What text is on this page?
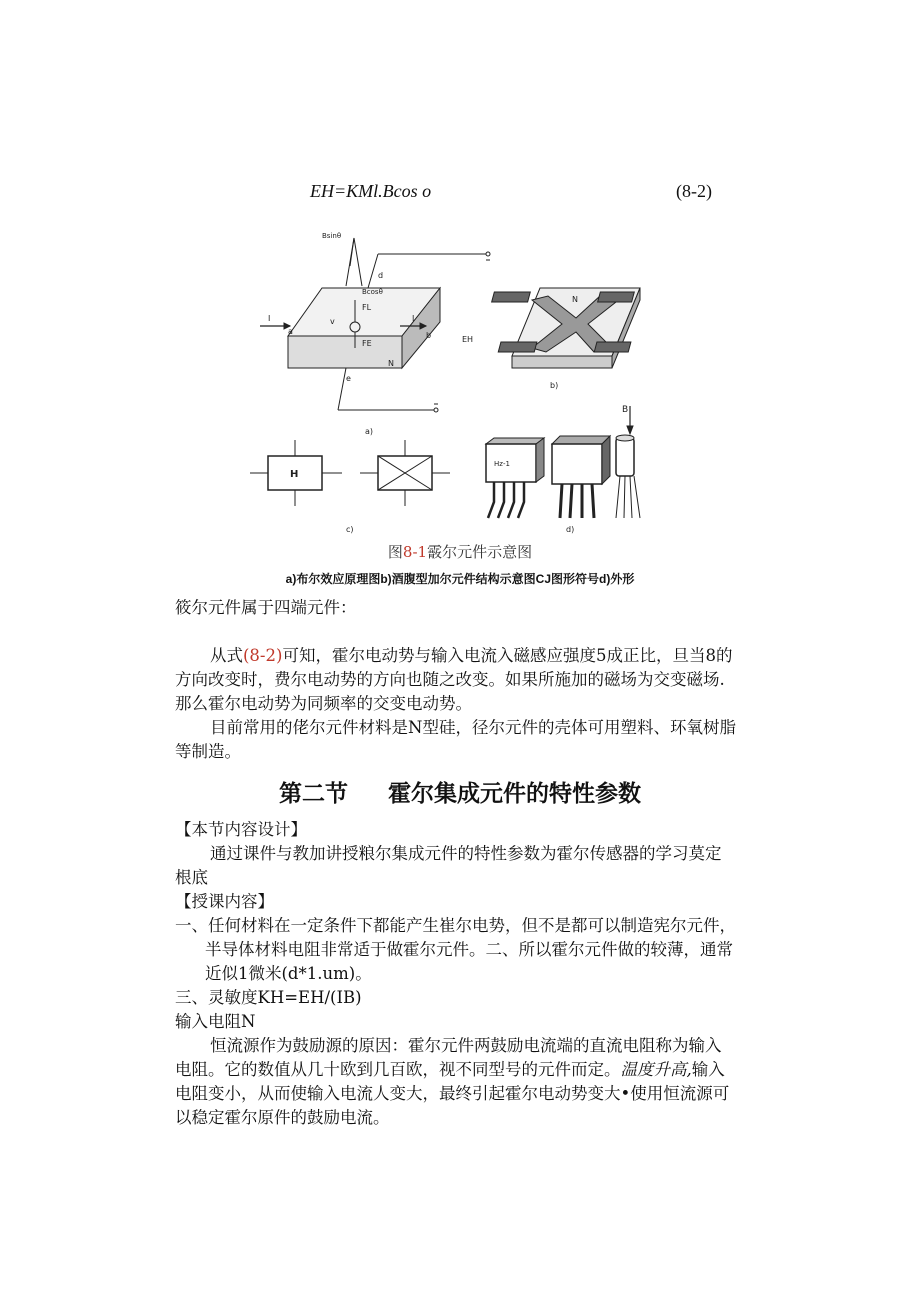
EH=KMl.Bcos o	(8-2)
Bsinθ
Bcosθ
FL
FE
I	I
v
a	b
d
e
N
a)
EH
N
b)
H
c)
Hz-1
B
d)
图8-1霰尔元件示意图
a)布尔效应原理图b)酒腹型加尔元件结构示意图CJ图形符号d)外形

筱尔元件属于四端元件：

从式(8-2)可知，霍尔电动势与输入电流入磁感应强度5成正比，旦当8的

方向改变时，费尔电动势的方向也随之改变。如果所施加的磁场为交变磁场.

那么霍尔电动势为同频率的交变电动势。

目前常用的佬尔元件材料是N型硅，径尔元件的壳体可用塑料、环氧树脂

等制造。

第二节 霍尔集成元件的特性参数

【本节内容设计】

通过课件与教加讲授粮尔集成元件的特性参数为霍尔传感器的学习莫定

根底

【授课内容】

一、任何材料在一定条件下都能产生崔尔电势，但不是都可以制造宪尔元件，

半导体材料电阻非常适于做霍尔元件。二、所以霍尔元件做的较薄，通常

近似1微米(d*1.um)。

三、灵敏度KH=EH/(IB)

输入电阻N

恒流源作为鼓励源的原因：霍尔元件两鼓励电流端的直流电阻称为输入

电阻。它的数值从几十欧到几百欧，视不同型号的元件而定。温度升高,输入

电阻变小，从而使输入电流人变大，最终引起霍尔电动势变大•使用恒流源可

以稳定霍尔原件的鼓励电流。
